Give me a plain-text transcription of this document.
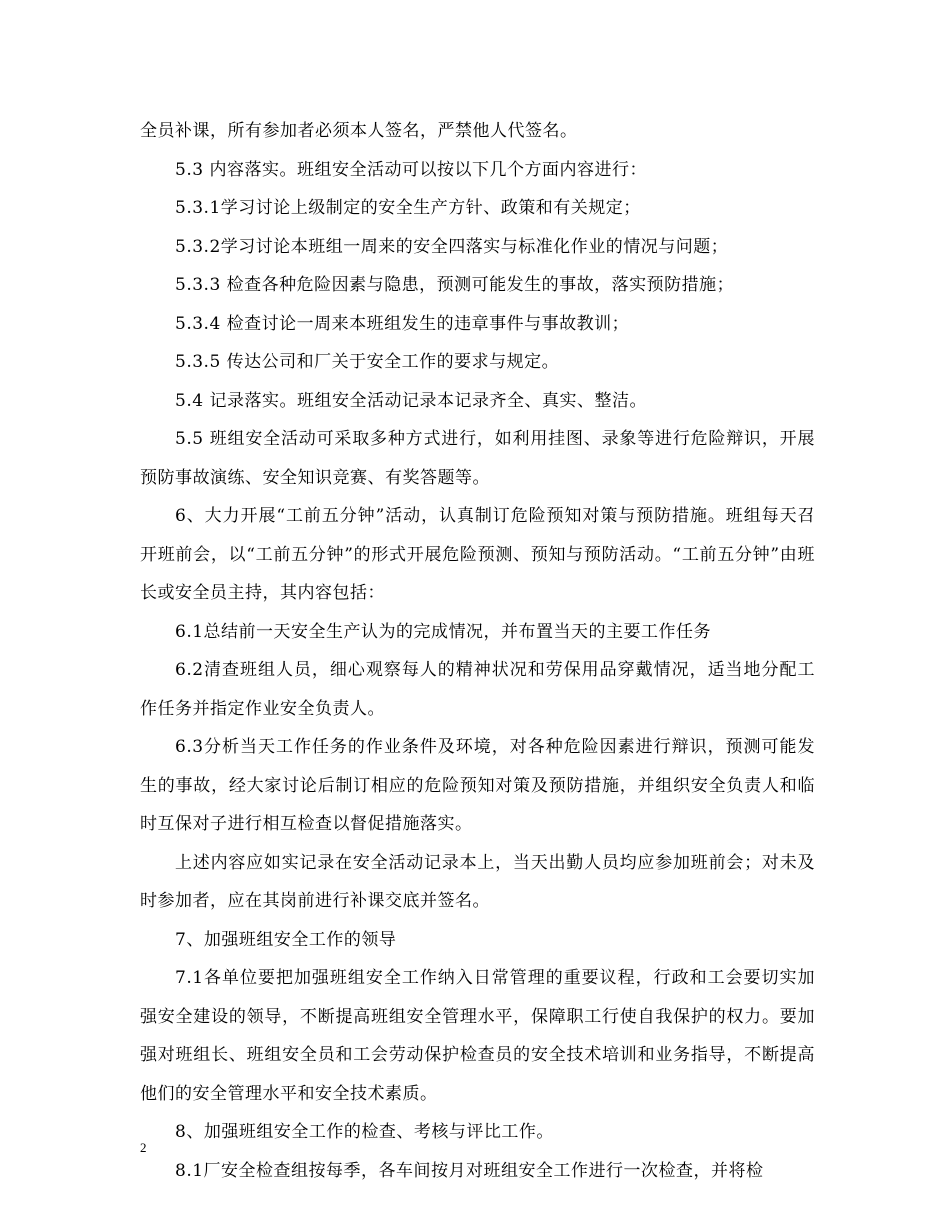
全员补课，所有参加者必须本人签名，严禁他人代签名。

5.3 内容落实。班组安全活动可以按以下几个方面内容进行：

5.3.1学习讨论上级制定的安全生产方针、政策和有关规定；

5.3.2学习讨论本班组一周来的安全四落实与标准化作业的情况与问题；

5.3.3 检查各种危险因素与隐患，预测可能发生的事故，落实预防措施；

5.3.4 检查讨论一周来本班组发生的违章事件与事故教训；

5.3.5 传达公司和厂关于安全工作的要求与规定。

5.4 记录落实。班组安全活动记录本记录齐全、真实、整洁。

5.5 班组安全活动可采取多种方式进行，如利用挂图、录象等进行危险辩识，开展预防事故演练、安全知识竞赛、有奖答题等。

6、大力开展“工前五分钟”活动，认真制订危险预知对策与预防措施。班组每天召开班前会，以“工前五分钟”的形式开展危险预测、预知与预防活动。“工前五分钟”由班长或安全员主持，其内容包括：

6.1总结前一天安全生产认为的完成情况，并布置当天的主要工作任务

6.2清查班组人员，细心观察每人的精神状况和劳保用品穿戴情况，适当地分配工作任务并指定作业安全负责人。

6.3分析当天工作任务的作业条件及环境，对各种危险因素进行辩识，预测可能发生的事故，经大家讨论后制订相应的危险预知对策及预防措施，并组织安全负责人和临时互保对子进行相互检查以督促措施落实。

上述内容应如实记录在安全活动记录本上，当天出勤人员均应参加班前会；对未及时参加者，应在其岗前进行补课交底并签名。

7、加强班组安全工作的领导

7.1各单位要把加强班组安全工作纳入日常管理的重要议程，行政和工会要切实加强安全建设的领导，不断提高班组安全管理水平，保障职工行使自我保护的权力。要加强对班组长、班组安全员和工会劳动保护检查员的安全技术培训和业务指导，不断提高他们的安全管理水平和安全技术素质。

8、加强班组安全工作的检查、考核与评比工作。

8.1厂安全检查组按每季，各车间按月对班组安全工作进行一次检查，并将检

2
